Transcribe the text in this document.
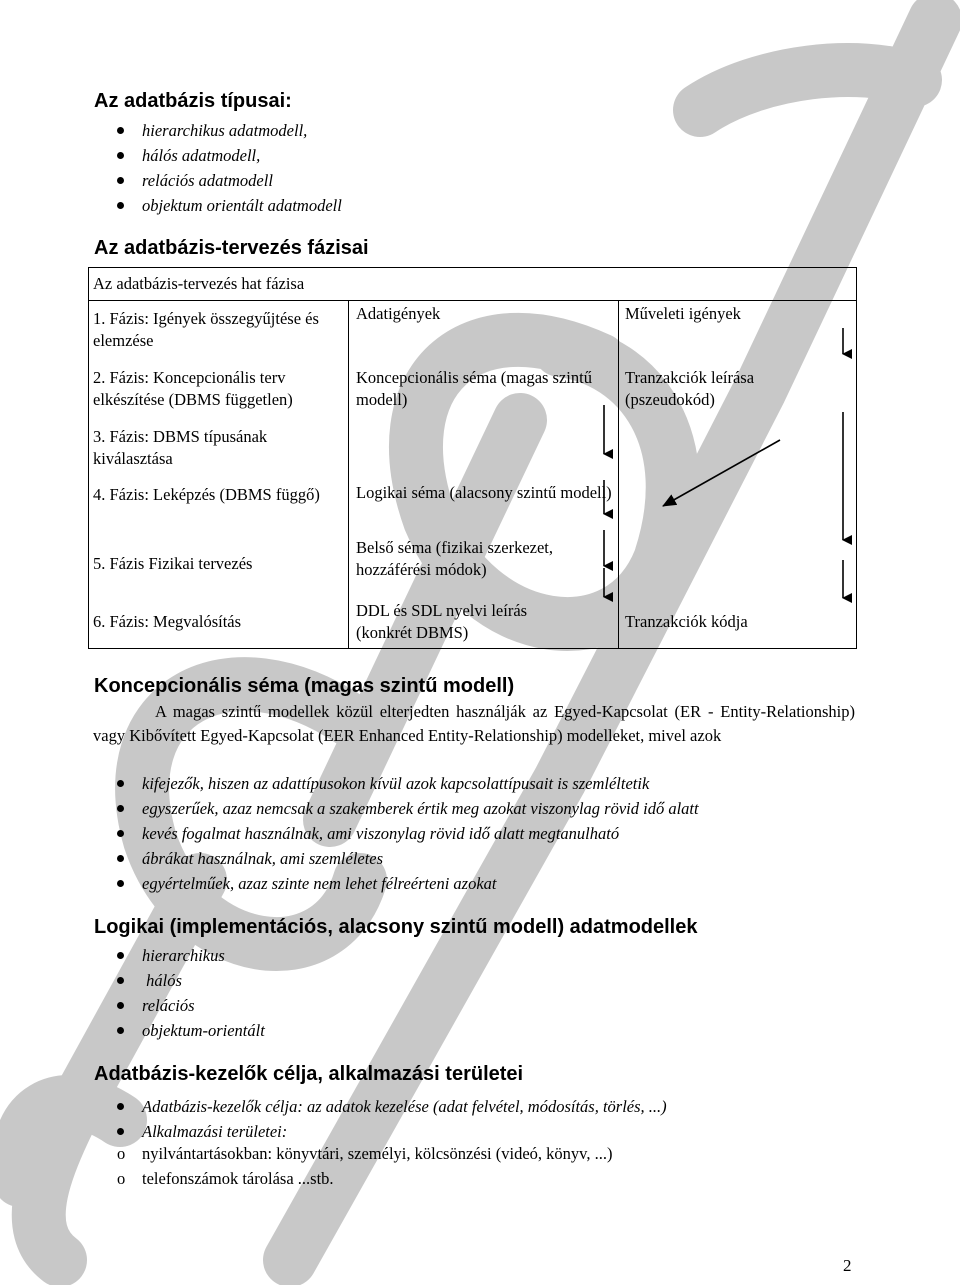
Az adatbázis típusai:
hierarchikus adatmodell,
hálós adatmodell,
relációs adatmodell
objektum orientált adatmodell
Az adatbázis-tervezés fázisai
Az adatbázis-tervezés hat fázisa
1. Fázis: Igények összegyűjtése és elemzése
2. Fázis: Koncepcionális terv elkészítése (DBMS független)
3. Fázis: DBMS típusának kiválasztása
4. Fázis: Leképzés (DBMS függő)
5. Fázis Fizikai tervezés
6. Fázis: Megvalósítás
Adatigények
Koncepcionális séma (magas szintű modell)
Logikai séma (alacsony szintű modell)
Belső séma (fizikai szerkezet, hozzáférési módok)
DDL és SDL nyelvi leírás (konkrét DBMS)
Műveleti igények
Tranzakciók leírása (pszeudokód)
Tranzakciók kódja
Koncepcionális séma (magas szintű modell)
A magas szintű modellek közül elterjedten használják az Egyed-Kapcsolat (ER - Entity-Relationship) vagy Kibővített Egyed-Kapcsolat (EER Enhanced Entity-Relationship) modelleket, mivel azok
kifejezők, hiszen az adattípusokon kívül azok kapcsolattípusait is szemléltetik
egyszerűek, azaz nemcsak a szakemberek értik meg azokat viszonylag rövid idő alatt
kevés fogalmat használnak, ami viszonylag rövid idő alatt megtanulható
ábrákat használnak, ami szemléletes
egyértelműek, azaz szinte nem lehet félreérteni azokat
Logikai (implementációs, alacsony szintű modell) adatmodellek
hierarchikus
hálós
relációs
objektum-orientált
Adatbázis-kezelők célja, alkalmazási területei
Adatbázis-kezelők célja: az adatok kezelése (adat felvétel, módosítás, törlés, ...)
Alkalmazási területei:
o nyilvántartásokban: könyvtári, személyi, kölcsönzési (videó, könyv, ...)
o telefonszámok tárolása ...stb.
2
